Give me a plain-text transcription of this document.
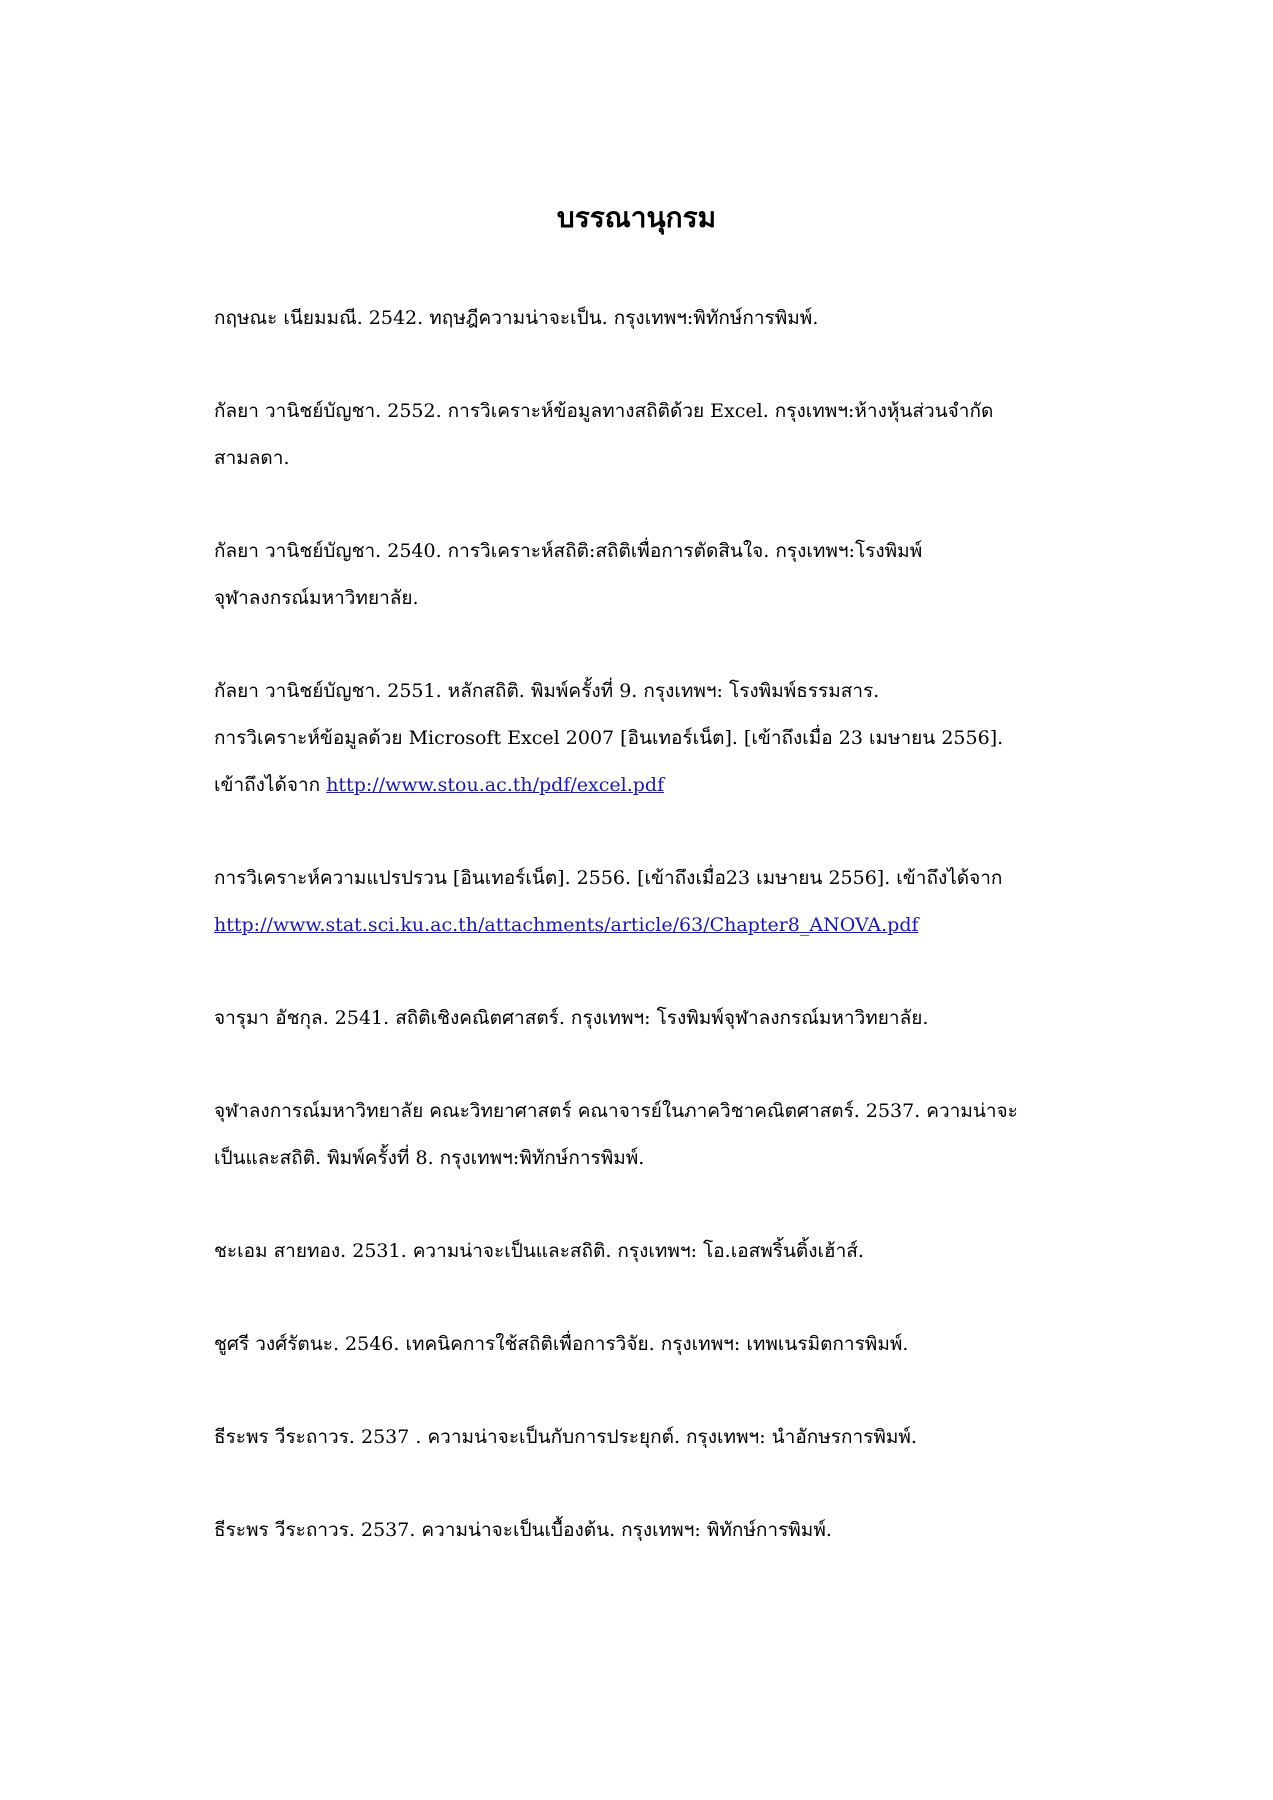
บรรณานุกรม
กฤษณะ เนียมมณี. 2542. ทฤษฎีความน่าจะเป็น. กรุงเทพฯ:พิทักษ์การพิมพ์.
กัลยา วานิชย์บัญชา. 2552. การวิเคราะห์ข้อมูลทางสถิติด้วย Excel. กรุงเทพฯ:ห้างหุ้นส่วนจำกัด
สามลดา.
กัลยา วานิชย์บัญชา. 2540. การวิเคราะห์สถิติ:สถิติเพื่อการตัดสินใจ. กรุงเทพฯ:โรงพิมพ์
จุฬาลงกรณ์มหาวิทยาลัย.
กัลยา วานิชย์บัญชา. 2551. หลักสถิติ. พิมพ์ครั้งที่ 9. กรุงเทพฯ: โรงพิมพ์ธรรมสาร.
การวิเคราะห์ข้อมูลด้วย Microsoft Excel 2007 [อินเทอร์เน็ต]. [เข้าถึงเมื่อ 23 เมษายน 2556].
เข้าถึงได้จาก http://www.stou.ac.th/pdf/excel.pdf
การวิเคราะห์ความแปรปรวน [อินเทอร์เน็ต]. 2556. [เข้าถึงเมื่อ23 เมษายน 2556]. เข้าถึงได้จาก
http://www.stat.sci.ku.ac.th/attachments/article/63/Chapter8_ANOVA.pdf
จารุมา อัชกุล. 2541. สถิติเชิงคณิตศาสตร์. กรุงเทพฯ: โรงพิมพ์จุฬาลงกรณ์มหาวิทยาลัย.
จุฬาลงการณ์มหาวิทยาลัย คณะวิทยาศาสตร์ คณาจารย์ในภาควิชาคณิตศาสตร์. 2537. ความน่าจะ
เป็นและสถิติ. พิมพ์ครั้งที่ 8. กรุงเทพฯ:พิทักษ์การพิมพ์.
ชะเอม สายทอง. 2531. ความน่าจะเป็นและสถิติ. กรุงเทพฯ: โอ.เอสพริ้นติ้งเฮ้าส์.
ชูศรี วงศ์รัตนะ. 2546. เทคนิคการใช้สถิติเพื่อการวิจัย. กรุงเทพฯ: เทพเนรมิตการพิมพ์.
ธีระพร วีระถาวร. 2537 . ความน่าจะเป็นกับการประยุกต์. กรุงเทพฯ: นำอักษรการพิมพ์.
ธีระพร วีระถาวร. 2537. ความน่าจะเป็นเบื้องต้น. กรุงเทพฯ: พิทักษ์การพิมพ์.
